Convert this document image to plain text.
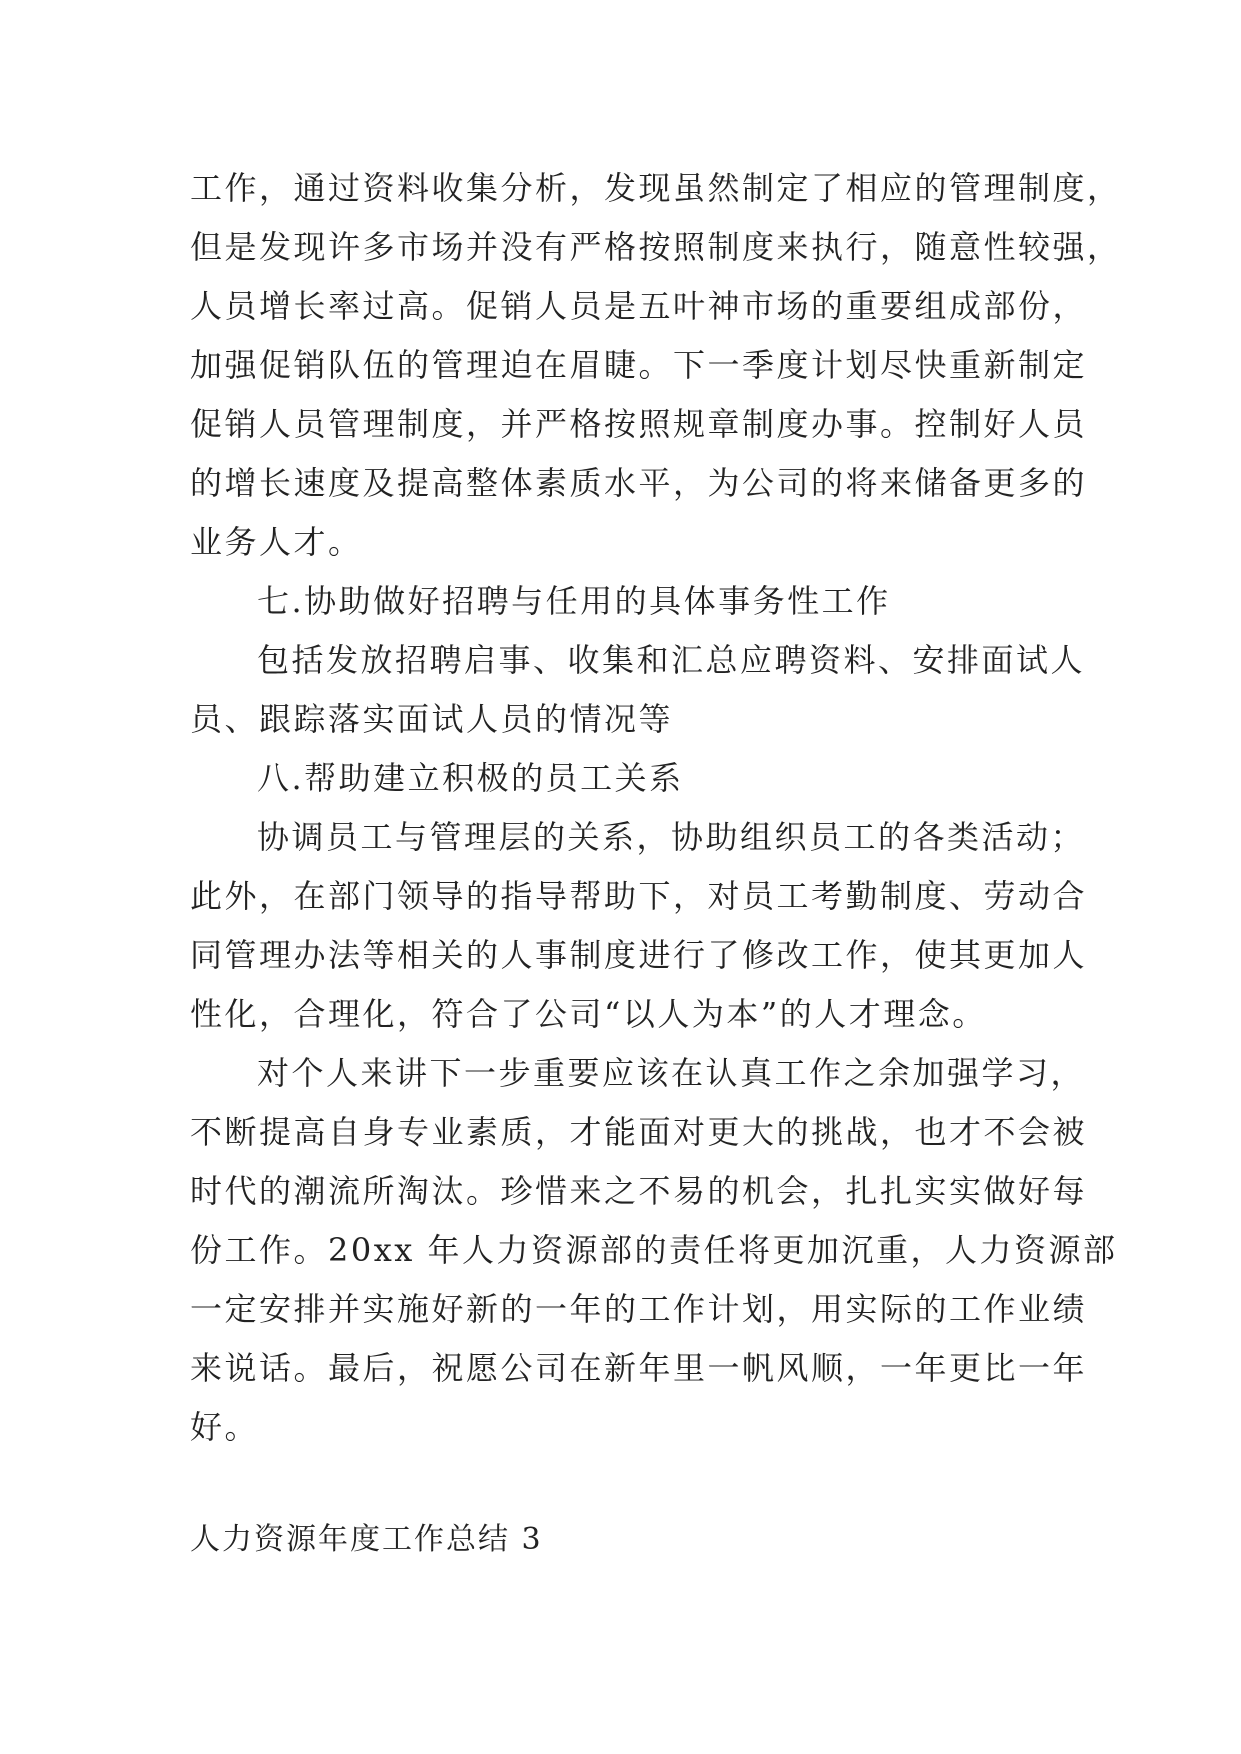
工作，通过资料收集分析，发现虽然制定了相应的管理制度，
但是发现许多市场并没有严格按照制度来执行，随意性较强，
人员增长率过高。促销人员是五叶神市场的重要组成部份，
加强促销队伍的管理迫在眉睫。下一季度计划尽快重新制定
促销人员管理制度，并严格按照规章制度办事。控制好人员
的增长速度及提高整体素质水平，为公司的将来储备更多的
业务人才。
七.协助做好招聘与任用的具体事务性工作
包括发放招聘启事、收集和汇总应聘资料、安排面试人
员、跟踪落实面试人员的情况等
八.帮助建立积极的员工关系
协调员工与管理层的关系，协助组织员工的各类活动；
此外，在部门领导的指导帮助下，对员工考勤制度、劳动合
同管理办法等相关的人事制度进行了修改工作，使其更加人
性化，合理化，符合了公司“以人为本”的人才理念。
对个人来讲下一步重要应该在认真工作之余加强学习，
不断提高自身专业素质，才能面对更大的挑战，也才不会被
时代的潮流所淘汰。珍惜来之不易的机会，扎扎实实做好每
份工作。20xx 年人力资源部的责任将更加沉重，人力资源部
一定安排并实施好新的一年的工作计划，用实际的工作业绩
来说话。最后，祝愿公司在新年里一帆风顺，一年更比一年
好。
人力资源年度工作总结 3
